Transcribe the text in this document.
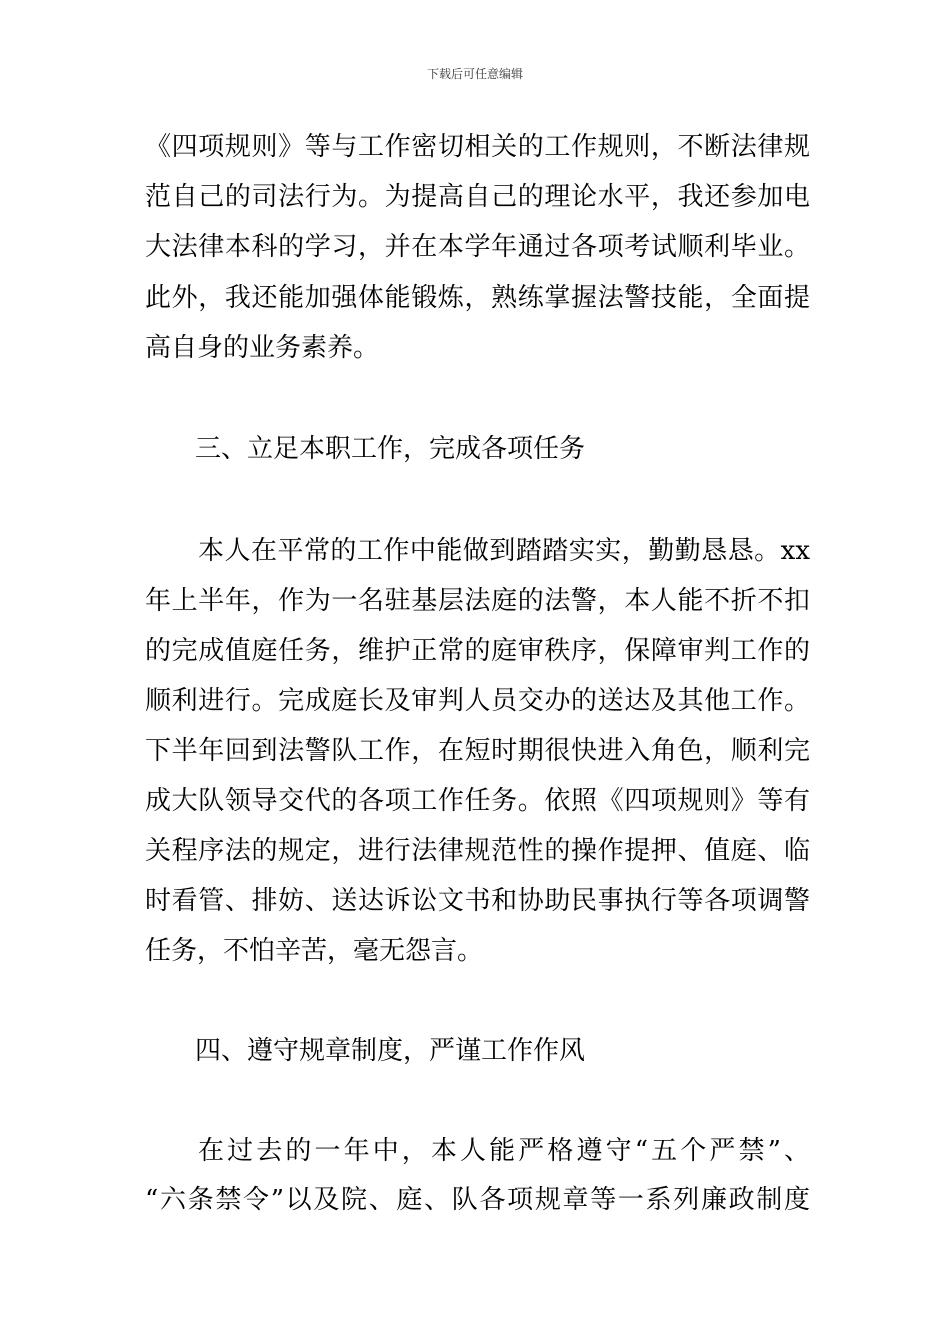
下载后可任意编辑
《四项规则》等与工作密切相关的工作规则，不断法律规
范自己的司法行为。为提高自己的理论水平，我还参加电
大法律本科的学习，并在本学年通过各项考试顺利毕业。
此外，我还能加强体能锻炼，熟练掌握法警技能，全面提
高自身的业务素养。
三、立足本职工作，完成各项任务
本人在平常的工作中能做到踏踏实实，勤勤恳恳。xx
年上半年，作为一名驻基层法庭的法警，本人能不折不扣
的完成值庭任务，维护正常的庭审秩序，保障审判工作的
顺利进行。完成庭长及审判人员交办的送达及其他工作。
下半年回到法警队工作，在短时期很快进入角色，顺利完
成大队领导交代的各项工作任务。依照《四项规则》等有
关程序法的规定，进行法律规范性的操作提押、值庭、临
时看管、排妨、送达诉讼文书和协助民事执行等各项调警
任务，不怕辛苦，毫无怨言。
四、遵守规章制度，严谨工作作风
在过去的一年中，本人能严格遵守“五个严禁”、
“六条禁令”以及院、庭、队各项规章等一系列廉政制度
